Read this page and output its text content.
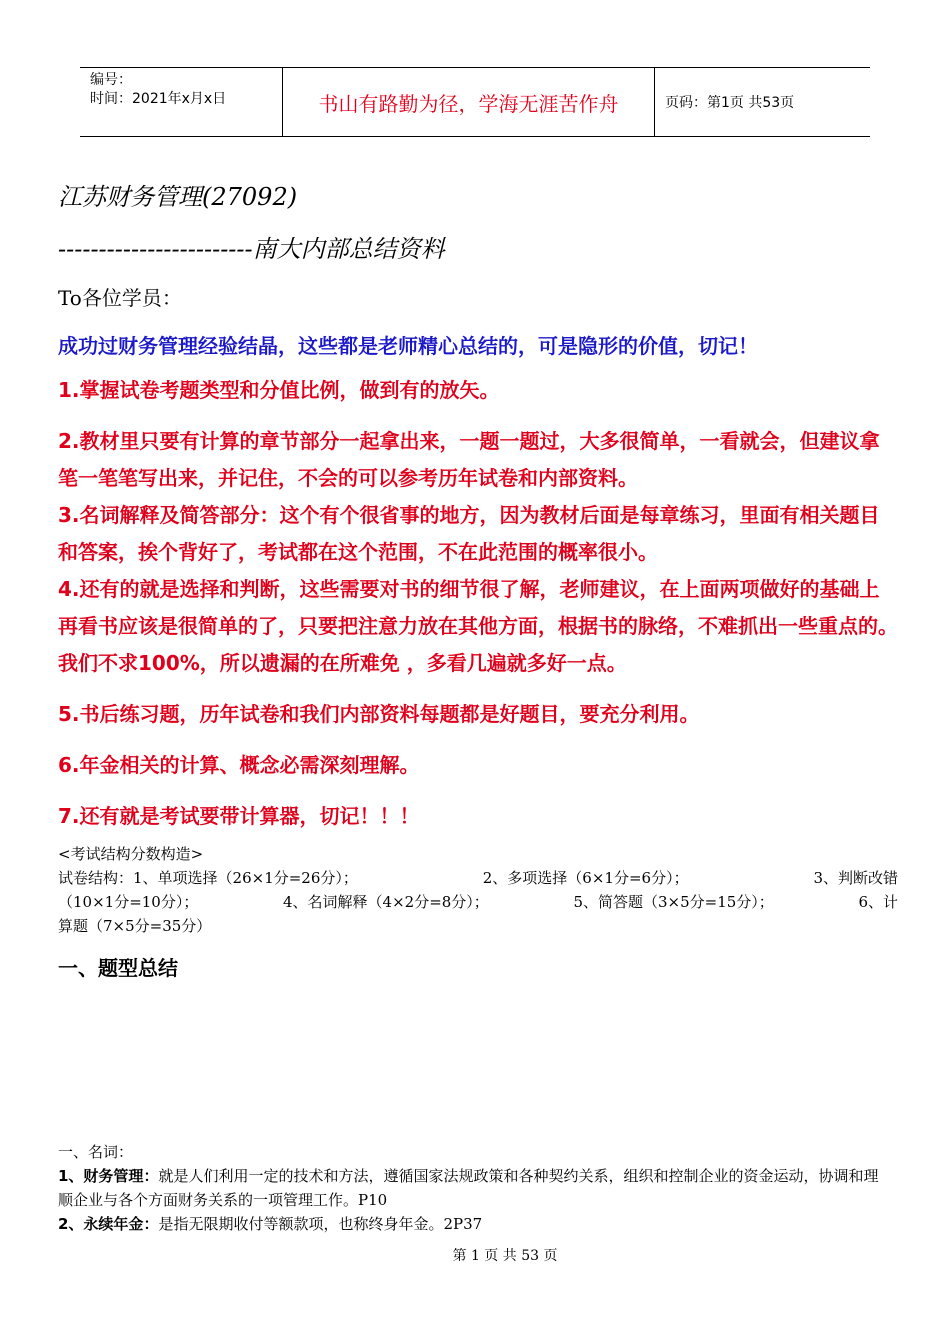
编号：
时间：2021年x月x日	书山有路勤为径，学海无涯苦作舟	页码：第1页 共53页
江苏财务管理(27092)
------------------------南大内部总结资料
To各位学员：
成功过财务管理经验结晶，这些都是老师精心总结的，可是隐形的价值，切记！
1.掌握试卷考题类型和分值比例，做到有的放矢。
2.教材里只要有计算的章节部分一起拿出来，一题一题过，大多很简单，一看就会，但建议拿笔一笔笔写出来，并记住，不会的可以参考历年试卷和内部资料。
3.名词解释及简答部分：这个有个很省事的地方，因为教材后面是每章练习，里面有相关题目和答案，挨个背好了，考试都在这个范围，不在此范围的概率很小。
4.还有的就是选择和判断，这些需要对书的细节很了解，老师建议，在上面两项做好的基础上再看书应该是很简单的了，只要把注意力放在其他方面，根据书的脉络，不难抓出一些重点的。我们不求100%，所以遗漏的在所难免 ，多看几遍就多好一点。
5.书后练习题，历年试卷和我们内部资料每题都是好题目，要充分利用。
6.年金相关的计算、概念必需深刻理解。
7.还有就是考试要带计算器，切记！！！
<考试结构分数构造>
试卷结构：1、单项选择（26×1分=26分）；	2、多项选择（6×1分=6分）；	3、判断改错
（10×1分=10分）；	4、名词解释（4×2分=8分）；	5、简答题（3×5分=15分）；	6、计
算题（7×5分=35分）
一、题型总结
一、名词：
1、财务管理：就是人们利用一定的技术和方法，遵循国家法规政策和各种契约关系，组织和控制企业的资金运动，协调和理顺企业与各个方面财务关系的一项管理工作。P10
2、永续年金：是指无限期收付等额款项，也称终身年金。2P37
第 1 页 共 53 页
